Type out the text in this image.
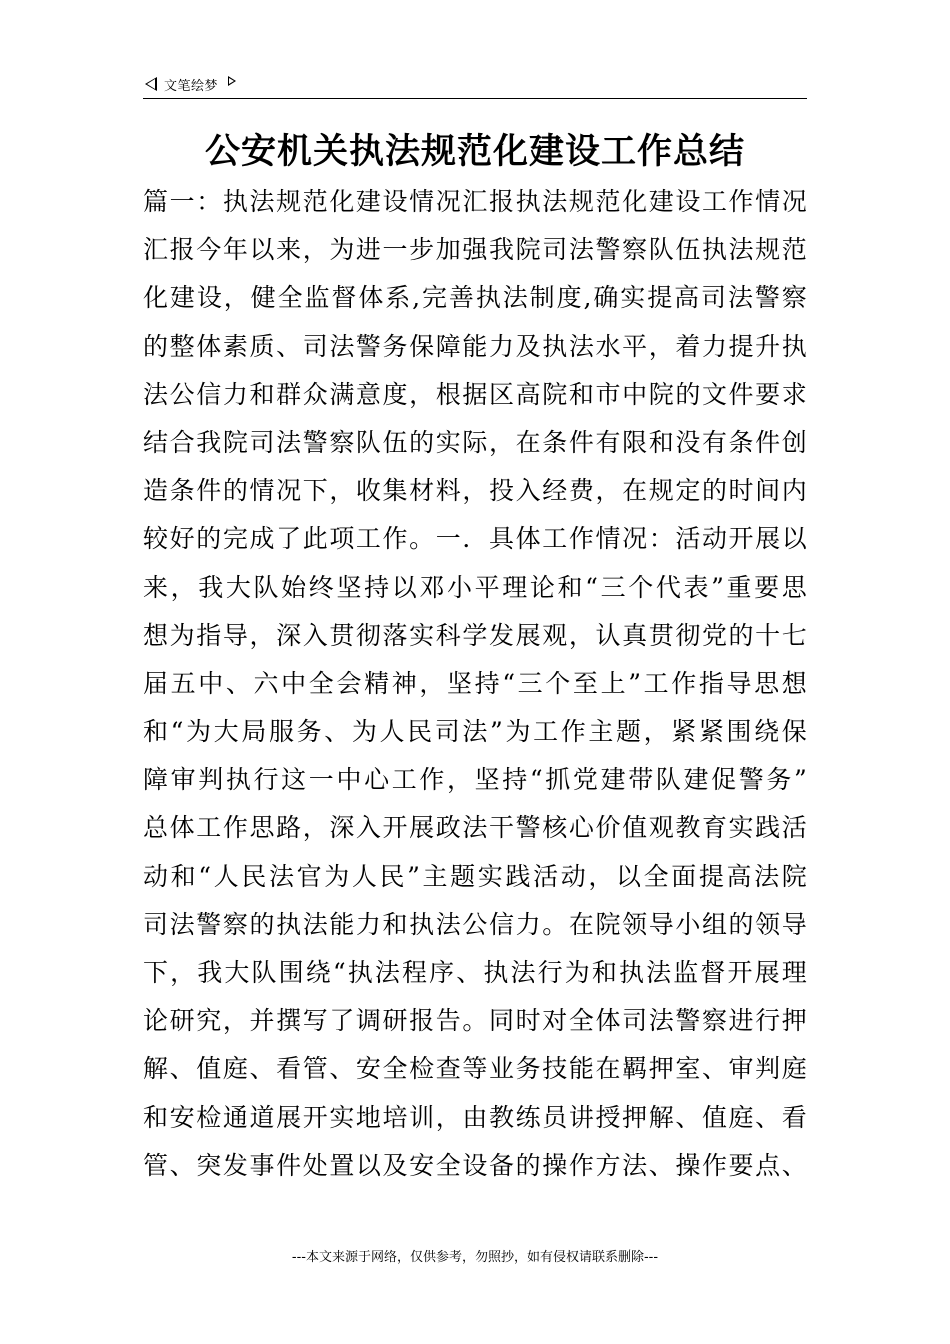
文笔绘梦
公安机关执法规范化建设工作总结
篇一：执法规范化建设情况汇报执法规范化建设工作情况
汇报今年以来，为进一步加强我院司法警察队伍执法规范
化建设，健全监督体系,完善执法制度,确实提高司法警察
的整体素质、司法警务保障能力及执法水平，着力提升执
法公信力和群众满意度，根据区高院和市中院的文件要求
结合我院司法警察队伍的实际，在条件有限和没有条件创
造条件的情况下，收集材料，投入经费，在规定的时间内
较好的完成了此项工作。一．具体工作情况：活动开展以
来，我大队始终坚持以邓小平理论和“三个代表”重要思
想为指导，深入贯彻落实科学发展观，认真贯彻党的十七
届五中、六中全会精神，坚持“三个至上”工作指导思想
和“为大局服务、为人民司法”为工作主题，紧紧围绕保
障审判执行这一中心工作，坚持“抓党建带队建促警务”
总体工作思路，深入开展政法干警核心价值观教育实践活
动和“人民法官为人民”主题实践活动，以全面提高法院
司法警察的执法能力和执法公信力。在院领导小组的领导
下，我大队围绕“执法程序、执法行为和执法监督开展理
论研究，并撰写了调研报告。同时对全体司法警察进行押
解、值庭、看管、安全检查等业务技能在羁押室、审判庭
和安检通道展开实地培训，由教练员讲授押解、值庭、看
管、突发事件处置以及安全设备的操作方法、操作要点、
---本文来源于网络，仅供参考，勿照抄，如有侵权请联系删除---
